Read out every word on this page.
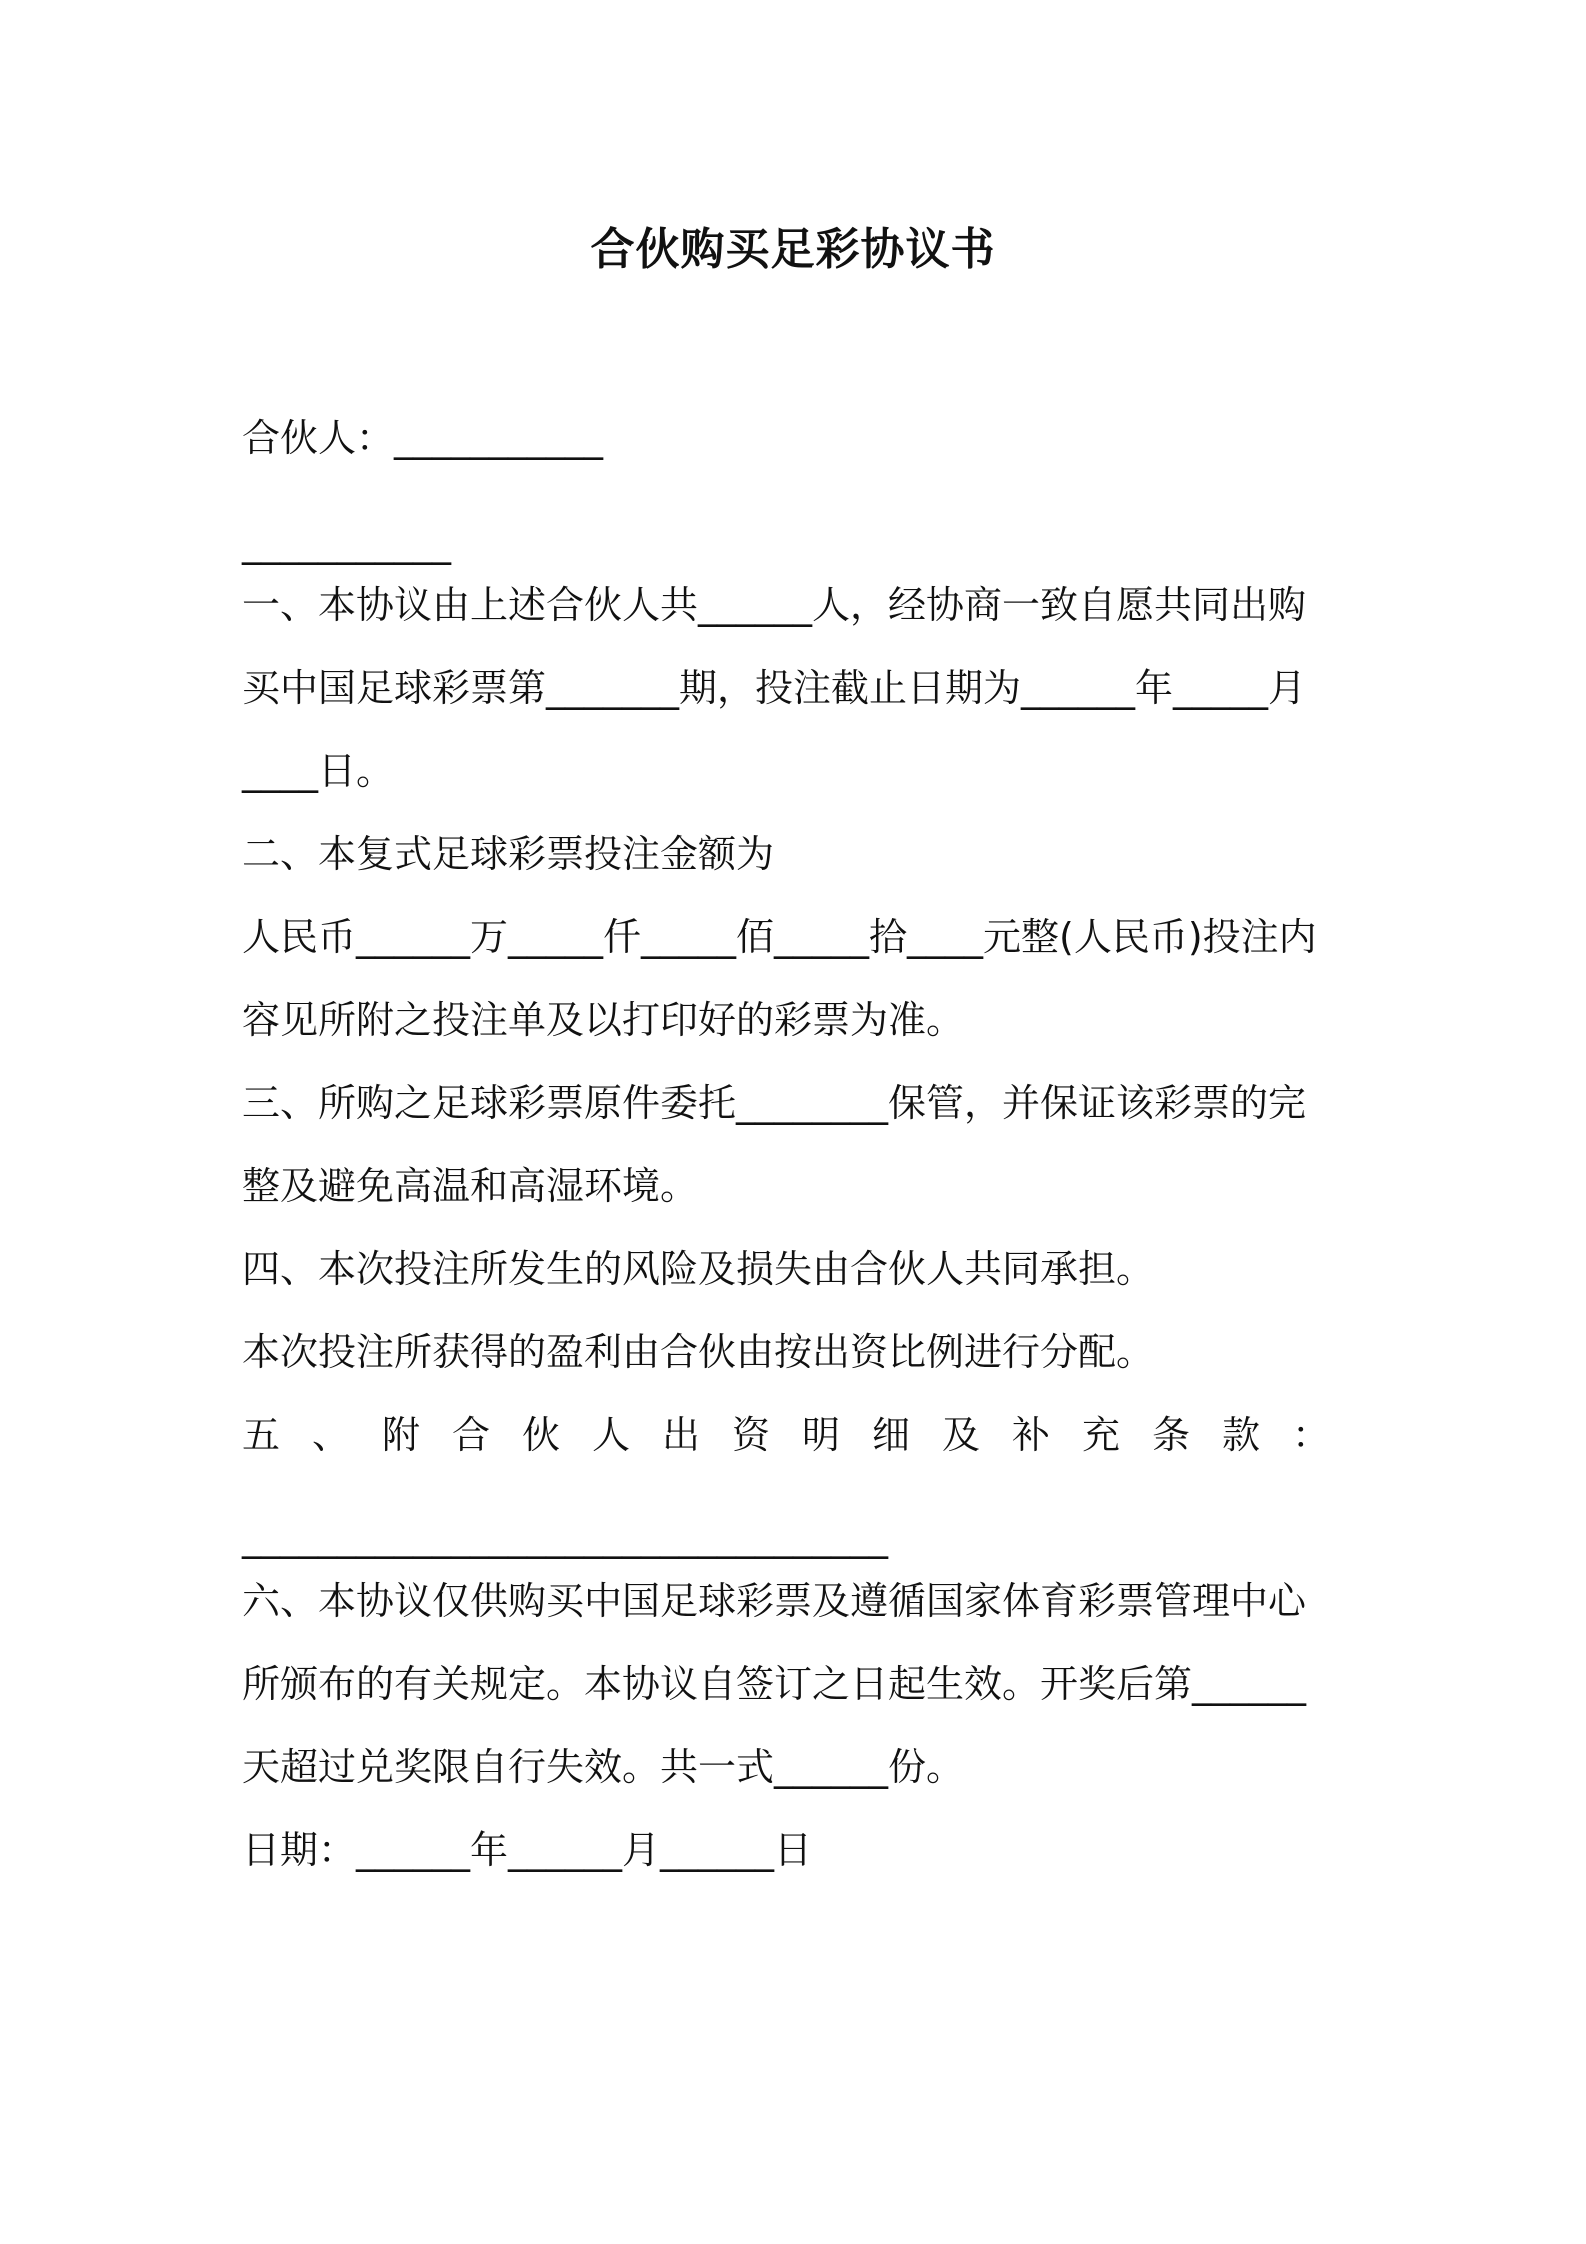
合伙购买足彩协议书
合伙人：___________
___________
一、本协议由上述合伙人共______人，经协商一致自愿共同出购
买中国足球彩票第_______期，投注截止日期为______年_____月
____日。
二、本复式足球彩票投注金额为
人民币______万_____仟_____佰_____拾____元整(人民币)投注内
容见所附之投注单及以打印好的彩票为准。
三、所购之足球彩票原件委托________保管，并保证该彩票的完
整及避免高温和高湿环境。
四、本次投注所发生的风险及损失由合伙人共同承担。
本次投注所获得的盈利由合伙由按出资比例进行分配。
五、附合伙人出资明细及补充条款：
__________________________________
六、本协议仅供购买中国足球彩票及遵循国家体育彩票管理中心
所颁布的有关规定。本协议自签订之日起生效。开奖后第______
天超过兑奖限自行失效。共一式______份。
日期：______年______月______日
